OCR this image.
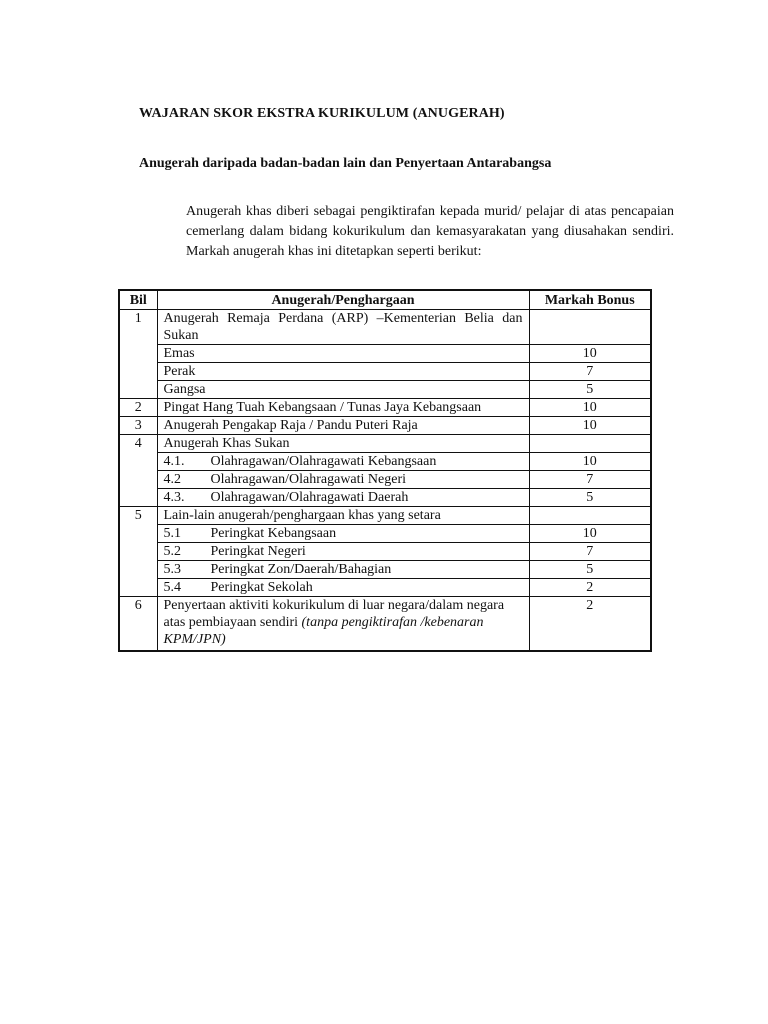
WAJARAN SKOR EKSTRA KURIKULUM (ANUGERAH)
Anugerah daripada badan-badan lain dan Penyertaan Antarabangsa
Anugerah khas diberi sebagai pengiktirafan kepada murid/ pelajar di atas pencapaian cemerlang dalam bidang kokurikulum dan kemasyarakatan yang diusahakan sendiri. Markah anugerah khas ini ditetapkan seperti berikut:
Bil	Anugerah/Penghargaan	Markah Bonus
1	Anugerah Remaja Perdana (ARP) –Kementerian Belia dan Sukan	
	Emas	10
	Perak	7
	Gangsa	5
2	Pingat Hang Tuah Kebangsaan / Tunas Jaya Kebangsaan	10
3	Anugerah Pengakap Raja / Pandu Puteri Raja	10
4	Anugerah Khas Sukan	
	4.1. Olahragawan/Olahragawati Kebangsaan	10
	4.2 Olahragawan/Olahragawati Negeri	7
	4.3. Olahragawan/Olahragawati Daerah	5
5	Lain-lain anugerah/penghargaan khas yang setara	
	5.1 Peringkat Kebangsaan	10
	5.2 Peringkat Negeri	7
	5.3 Peringkat Zon/Daerah/Bahagian	5
	5.4 Peringkat Sekolah	2
6	Penyertaan aktiviti kokurikulum di luar negara/dalam negara atas pembiayaan sendiri (tanpa pengiktirafan /kebenaran KPM/JPN)	2
